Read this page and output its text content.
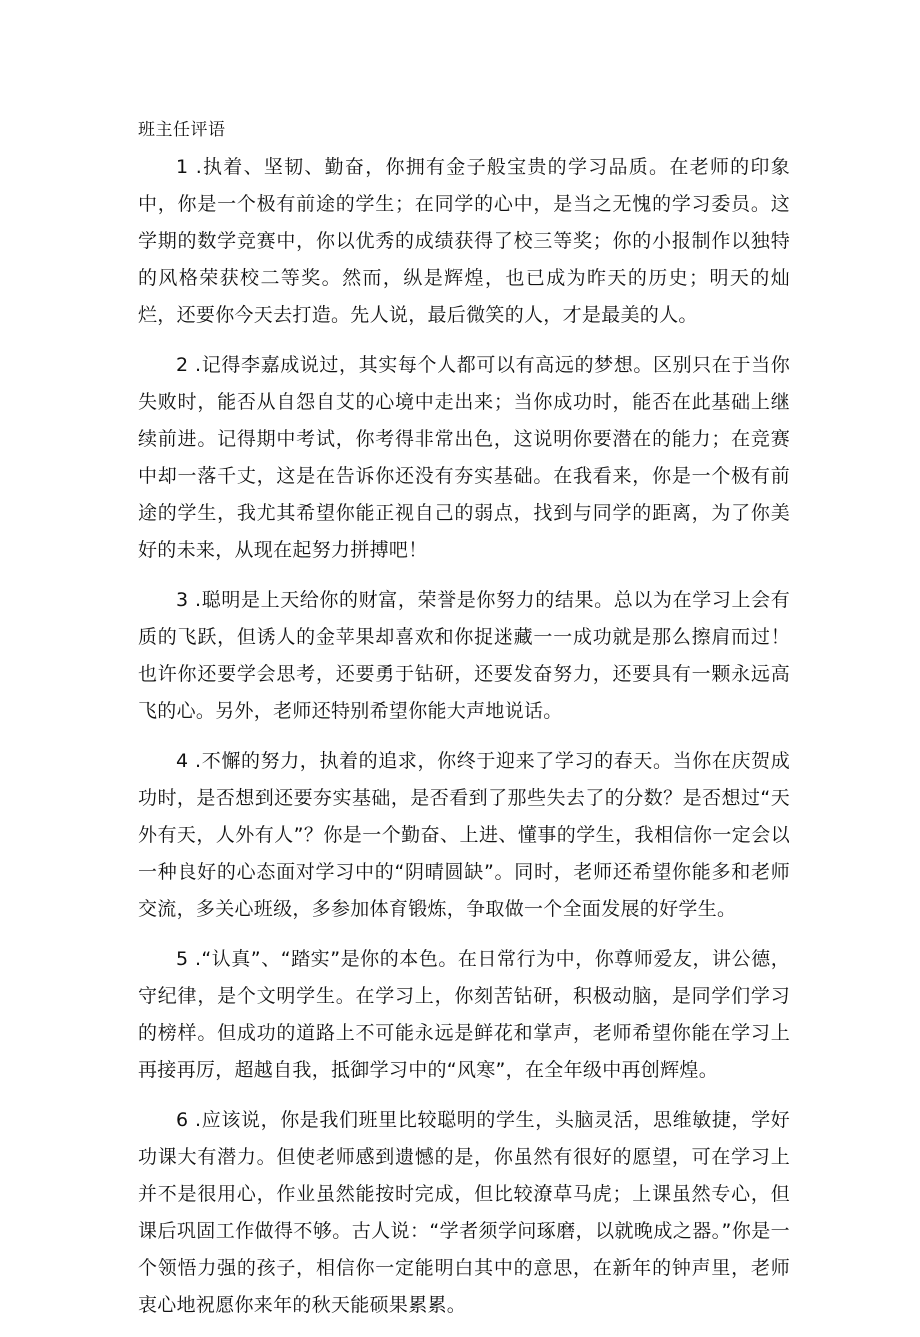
班主任评语

1 .执着、坚韧、勤奋，你拥有金子般宝贵的学习品质。在老师的印象中，你是一个极有前途的学生；在同学的心中，是当之无愧的学习委员。这学期的数学竞赛中，你以优秀的成绩获得了校三等奖；你的小报制作以独特的风格荣获校二等奖。然而，纵是辉煌，也已成为昨天的历史；明天的灿烂，还要你今天去打造。先人说，最后微笑的人，才是最美的人。

2 .记得李嘉成说过，其实每个人都可以有高远的梦想。区别只在于当你失败时，能否从自怨自艾的心境中走出来；当你成功时，能否在此基础上继续前进。记得期中考试，你考得非常出色，这说明你要潜在的能力；在竞赛中却一落千丈，这是在告诉你还没有夯实基础。在我看来，你是一个极有前途的学生，我尤其希望你能正视自己的弱点，找到与同学的距离，为了你美好的未来，从现在起努力拼搏吧！

3 .聪明是上天给你的财富，荣誉是你努力的结果。总以为在学习上会有质的飞跃，但诱人的金苹果却喜欢和你捉迷藏一一成功就是那么擦肩而过！也许你还要学会思考，还要勇于钻研，还要发奋努力，还要具有一颗永远高飞的心。另外，老师还特别希望你能大声地说话。

4 .不懈的努力，执着的追求，你终于迎来了学习的春天。当你在庆贺成功时，是否想到还要夯实基础，是否看到了那些失去了的分数？是否想过“天外有天，人外有人”？你是一个勤奋、上进、懂事的学生，我相信你一定会以一种良好的心态面对学习中的“阴晴圆缺”。同时，老师还希望你能多和老师交流，多关心班级，多参加体育锻炼，争取做一个全面发展的好学生。

5 .“认真”、“踏实”是你的本色。在日常行为中，你尊师爱友，讲公德，守纪律，是个文明学生。在学习上，你刻苦钻研，积极动脑，是同学们学习的榜样。但成功的道路上不可能永远是鲜花和掌声，老师希望你能在学习上再接再厉，超越自我，抵御学习中的“风寒”，在全年级中再创辉煌。

6 .应该说，你是我们班里比较聪明的学生，头脑灵活，思维敏捷，学好功课大有潜力。但使老师感到遗憾的是，你虽然有很好的愿望，可在学习上并不是很用心，作业虽然能按时完成，但比较潦草马虎；上课虽然专心，但课后巩固工作做得不够。古人说：“学者须学问琢磨，以就晚成之器。”你是一个领悟力强的孩子，相信你一定能明白其中的意思，在新年的钟声里，老师衷心地祝愿你来年的秋天能硕果累累。
